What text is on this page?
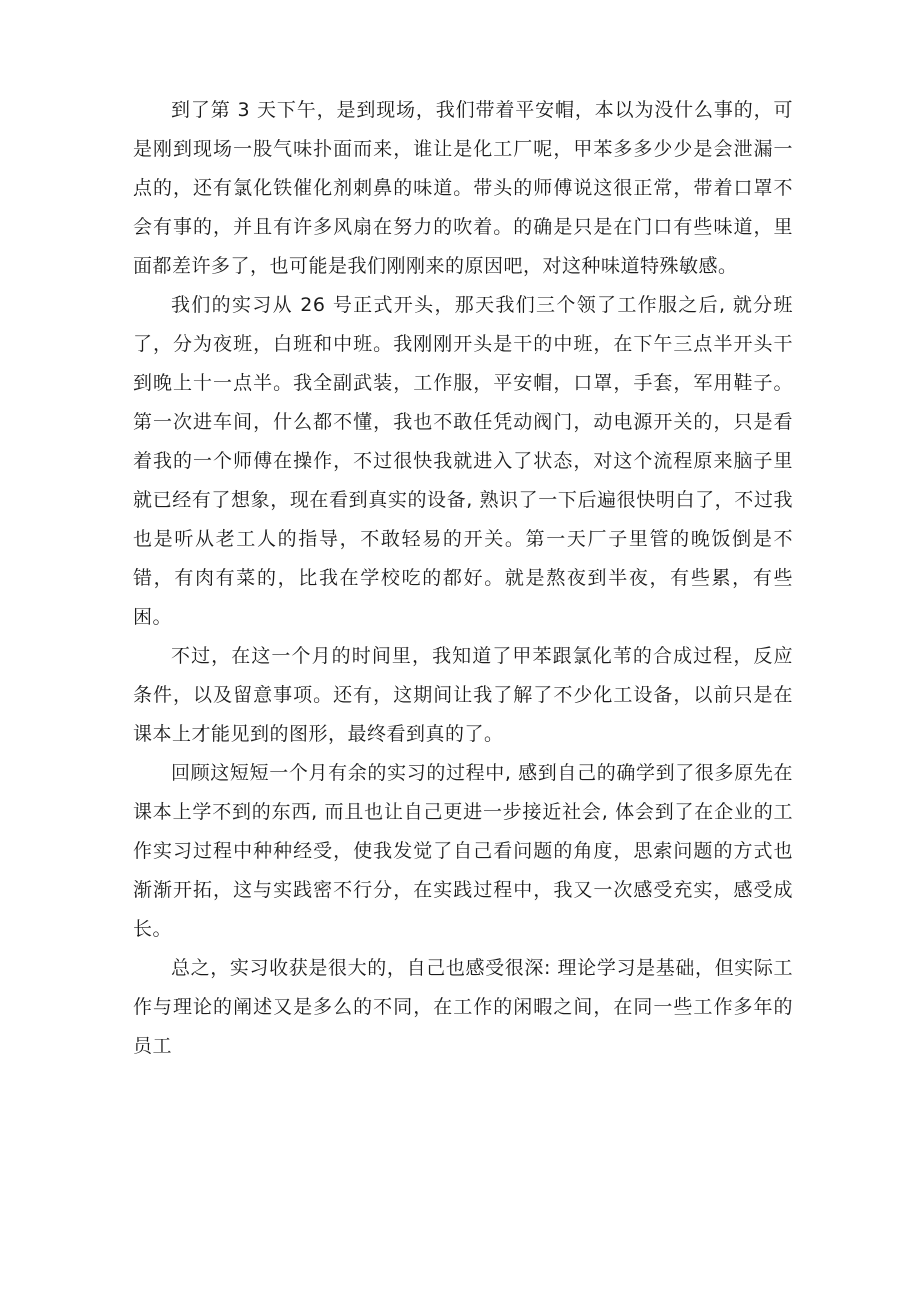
到了第 3 天下午，是到现场，我们带着平安帽，本以为没什么事的，可是刚到现场一股气味扑面而来，谁让是化工厂呢，甲苯多多少少是会泄漏一点的，还有氯化铁催化剂刺鼻的味道。带头的师傅说这很正常，带着口罩不会有事的，并且有许多风扇在努力的吹着。的确是只是在门口有些味道，里面都差许多了，也可能是我们刚刚来的原因吧，对这种味道特殊敏感。

我们的实习从 26 号正式开头，那天我们三个领了工作服之后, 就分班了，分为夜班，白班和中班。我刚刚开头是干的中班，在下午三点半开头干到晚上十一点半。我全副武装，工作服，平安帽，口罩，手套，军用鞋子。第一次进车间，什么都不懂，我也不敢任凭动阀门，动电源开关的，只是看着我的一个师傅在操作，不过很快我就进入了状态，对这个流程原来脑子里就已经有了想象，现在看到真实的设备, 熟识了一下后遍很快明白了，不过我也是听从老工人的指导，不敢轻易的开关。第一天厂子里管的晚饭倒是不错，有肉有菜的，比我在学校吃的都好。就是熬夜到半夜，有些累，有些困。

不过，在这一个月的时间里，我知道了甲苯跟氯化苇的合成过程，反应条件，以及留意事项。还有，这期间让我了解了不少化工设备，以前只是在课本上才能见到的图形，最终看到真的了。

回顾这短短一个月有余的实习的过程中, 感到自己的确学到了很多原先在课本上学不到的东西, 而且也让自己更进一步接近社会, 体会到了在企业的工作实习过程中种种经受，使我发觉了自己看问题的角度，思索问题的方式也渐渐开拓，这与实践密不行分，在实践过程中，我又一次感受充实，感受成长。

总之，实习收获是很大的，自己也感受很深: 理论学习是基础，但实际工作与理论的阐述又是多么的不同，在工作的闲暇之间，在同一些工作多年的员工
